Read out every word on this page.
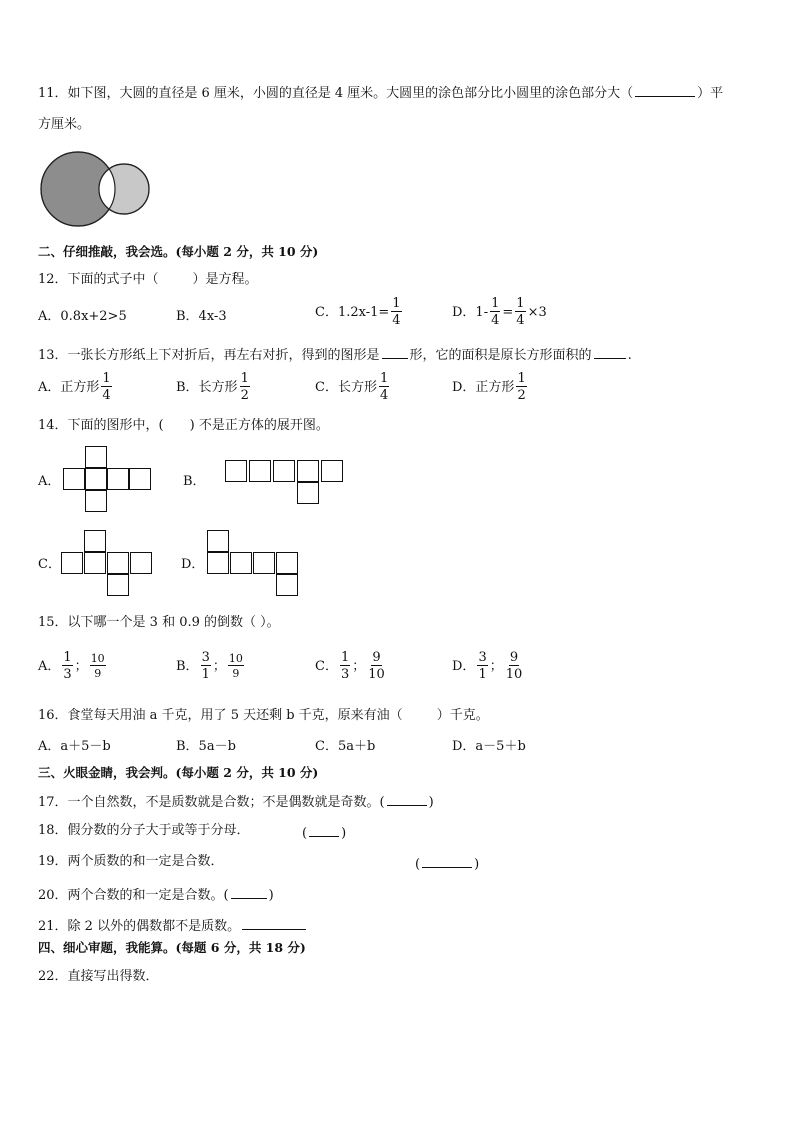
11．如下图，大圆的直径是 6 厘米，小圆的直径是 4 厘米。大圆里的涂色部分比小圆里的涂色部分大（	）平
方厘米。
二、仔细推敲，我会选。(每小题 2 分，共 10 分)
12．下面的式子中（	）是方程。
A．0.8x+2>5	B．4x-3	C．$1.2x-1= \frac{1}{4}$	D．$1- \frac{1}{4} = \frac{1}{4} \times 3$
13．一张长方形纸上下对折后，再左右对折，得到的图形是 形，它的面积是原长方形面积的	.
A．正方形 $\frac{1}{4}$	B．长方形 $\frac{1}{2}$	C．长方形 $\frac{1}{4}$	D．正方形 $\frac{1}{2}$
14．下面的图形中，(　　) 不是正方体的展开图。
A．	B．
C．	D．
15．以下哪一个是 3 和 0.9 的倒数（ ）。
A． $\frac{1}{3}$ ； $\frac{10}{9}$	B． $\frac{3}{1}$ ； $\frac{10}{9}$	C． $\frac{1}{3}$ ； $\frac{9}{10}$	D． $\frac{3}{1}$ ； $\frac{9}{10}$
16．食堂每天用油 a 千克，用了 5 天还剩 b 千克，原来有油（	）千克。
A．a＋5－b	B．5a－b	C．5a＋b	D．a－5＋b
三、火眼金睛，我会判。(每小题 2 分，共 10 分)
17．一个自然数，不是质数就是合数；不是偶数就是奇数。(	)
18．假分数的分子大于或等于分母．	(	)
19．两个质数的和一定是合数．	(	)
20．两个合数的和一定是合数。(	)
21．除 2 以外的偶数都不是质数。
四、细心审题，我能算。(每题 6 分，共 18 分)
22．直接写出得数．
